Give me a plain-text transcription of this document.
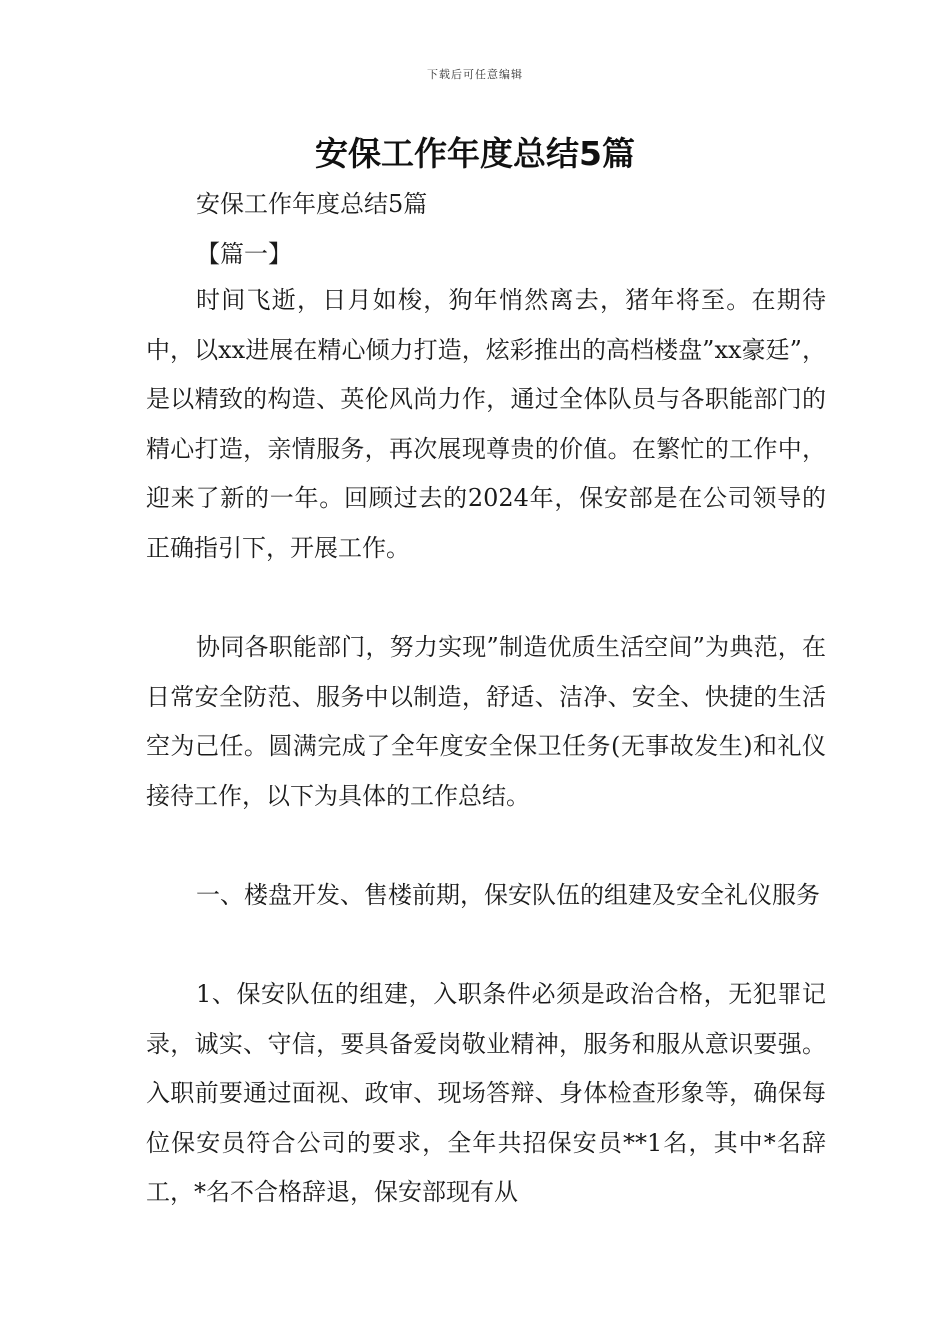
下载后可任意编辑
安保工作年度总结5篇
安保工作年度总结5篇
【篇一】

时间飞逝，日月如梭，狗年悄然离去，猪年将至。在期待中，以xx进展在精心倾力打造，炫彩推出的高档楼盘”xx豪廷”，是以精致的构造、英伦风尚力作，通过全体队员与各职能部门的精心打造，亲情服务，再次展现尊贵的价值。在繁忙的工作中，迎来了新的一年。回顾过去的2024年，保安部是在公司领导的正确指引下，开展工作。

协同各职能部门，努力实现”制造优质生活空间”为典范，在日常安全防范、服务中以制造，舒适、洁净、安全、快捷的生活空为己任。圆满完成了全年度安全保卫任务(无事故发生)和礼仪接待工作，以下为具体的工作总结。

一、楼盘开发、售楼前期，保安队伍的组建及安全礼仪服务

1、保安队伍的组建，入职条件必须是政治合格，无犯罪记录，诚实、守信，要具备爱岗敬业精神，服务和服从意识要强。入职前要通过面视、政审、现场答辩、身体检查形象等，确保每位保安员符合公司的要求，全年共招保安员**1名，其中*名辞工，*名不合格辞退，保安部现有从
